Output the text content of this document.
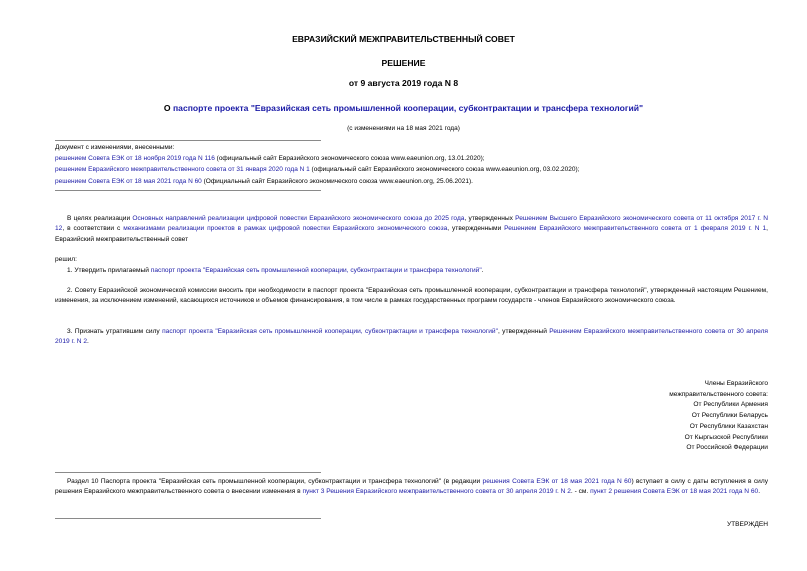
ЕВРАЗИЙСКИЙ МЕЖПРАВИТЕЛЬСТВЕННЫЙ СОВЕТ
РЕШЕНИЕ
от 9 августа 2019 года N 8
О паспорте проекта "Евразийская сеть промышленной кооперации, субконтрактации и трансфера технологий"
(с изменениями на 18 мая 2021 года)
Документ с изменениями, внесенными:
решением Совета ЕЭК от 18 ноября 2019 года N 116 (официальный сайт Евразийского экономического союза www.eaeunion.org, 13.01.2020);
решением Евразийского межправительственного совета от 31 января 2020 года N 1 (официальный сайт Евразийского экономического союза www.eaeunion.org, 03.02.2020);
решением Совета ЕЭК от 18 мая 2021 года N 60 (Официальный сайт Евразийского экономического союза www.eaeunion.org, 25.06.2021).
В целях реализации Основных направлений реализации цифровой повестки Евразийского экономического союза до 2025 года, утвержденных Решением Высшего Евразийского экономического совета от 11 октября 2017 г. N 12, в соответствии с механизмами реализации проектов в рамках цифровой повестки Евразийского экономического союза, утвержденными Решением Евразийского межправительственного совета от 1 февраля 2019 г. N 1, Евразийский межправительственный совет
решил:
1. Утвердить прилагаемый паспорт проекта "Евразийская сеть промышленной кооперации, субконтрактации и трансфера технологий".
2. Совету Евразийской экономической комиссии вносить при необходимости в паспорт проекта "Евразийская сеть промышленной кооперации, субконтрактации и трансфера технологий", утвержденный настоящим Решением, изменения, за исключением изменений, касающихся источников и объемов финансирования, в том числе в рамках государственных программ государств - членов Евразийского экономического союза.
3. Признать утратившим силу паспорт проекта "Евразийская сеть промышленной кооперации, субконтрактации и трансфера технологий", утвержденный Решением Евразийского межправительственного совета от 30 апреля 2019 г. N 2.
Члены Евразийского
межправительственного совета:
От Республики Армения
От Республики Беларусь
От Республики Казахстан
От Кыргызской Республики
От Российской Федерации
Раздел 10 Паспорта проекта "Евразийская сеть промышленной кооперации, субконтрактации и трансфера технологий" (в редакции решения Совета ЕЭК от 18 мая 2021 года N 60) вступает в силу с даты вступления в силу решения Евразийского межправительственного совета о внесении изменения в пункт 3 Решения Евразийского межправительственного совета от 30 апреля 2019 г. N 2. - см. пункт 2 решения Совета ЕЭК от 18 мая 2021 года N 60.
УТВЕРЖДЕН
